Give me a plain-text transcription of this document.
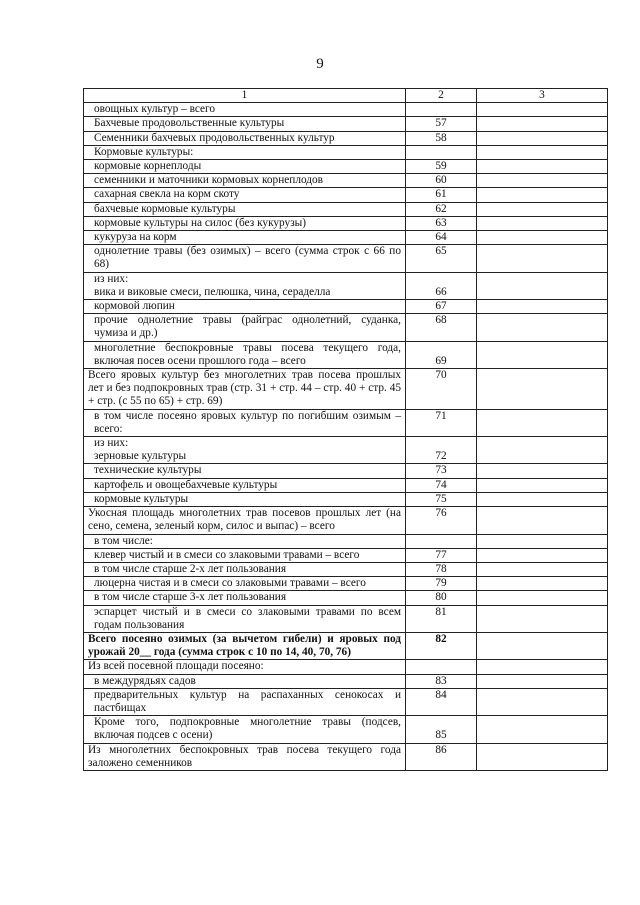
9
1	2	3
овощных культур – всего		
Бахчевые продовольственные культуры	57	
Семенники бахчевых продовольственных культур	58	
Кормовые культуры:		
кормовые корнеплоды	59	
семенники и маточники кормовых корнеплодов	60	
сахарная свекла на корм скоту	61	
бахчевые кормовые культуры	62	
кормовые культуры на силос (без кукурузы)	63	
кукуруза на корм	64	
однолетние травы (без озимых) – всего (сумма строк с 66 по 68)	65	
из них:
вика и виковые смеси, пелюшка, чина, сераделла	66	
кормовой люпин	67	
прочие однолетние травы (райграс однолетний, суданка, чумиза и др.)	68	
многолетние беспокровные травы посева текущего года, включая посев осени прошлого года – всего	69	
Всего яровых культур без многолетних трав посева прошлых лет и без подпокровных трав (стр. 31 + стр. 44 – стр. 40 + стр. 45 + стр. (с 55 по 65) + стр. 69)	70	
в том числе посеяно яровых культур по погибшим озимым – всего:	71	
из них:
зерновые культуры	72	
технические культуры	73	
картофель и овощебахчевые культуры	74	
кормовые культуры	75	
Укосная площадь многолетних трав посевов прошлых лет (на сено, семена, зеленый корм, силос и выпас) – всего	76	
в том числе:		
клевер чистый и в смеси со злаковыми травами – всего	77	
в том числе старше 2-х лет пользования	78	
люцерна чистая и в смеси со злаковыми травами – всего	79	
в том числе старше 3-х лет пользования	80	
эспарцет чистый и в смеси со злаковыми травами по всем годам пользования	81	
Всего посеяно озимых (за вычетом гибели) и яровых под урожай 20__ года (сумма строк с 10 по 14, 40, 70, 76)	82	
Из всей посевной площади посеяно:		
в междурядьях садов	83	
предварительных культур на распаханных сенокосах и пастбищах	84	
Кроме того, подпокровные многолетние травы (подсев, включая подсев с осени)	85	
Из многолетних беспокровных трав посева текущего года заложено семенников	86	
